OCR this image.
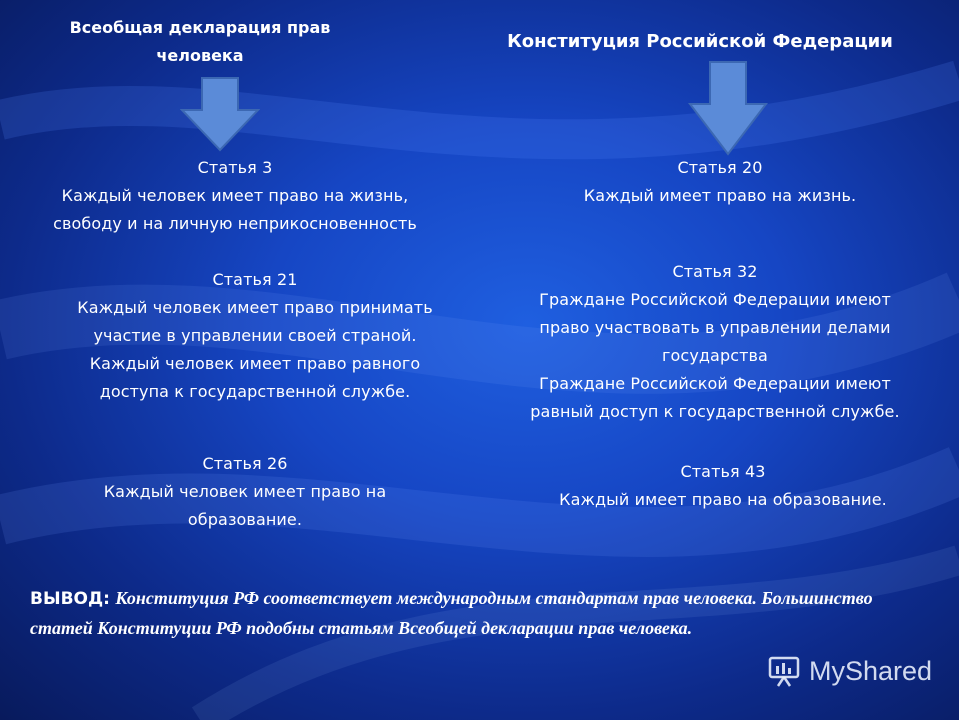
Всеобщая декларация прав человека
Конституция Российской Федерации
Статья 3
Каждый человек имеет право на жизнь,
свободу и на личную неприкосновенность
Статья 21
Каждый человек имеет право принимать
участие в управлении своей страной.
Каждый человек имеет право равного
доступа к государственной службе.
Статья 26
Каждый человек имеет право на
образование.
Статья 20
Каждый имеет право на жизнь.
Статья 32
Граждане Российской Федерации имеют
право участвовать в управлении делами
государства
Граждане Российской Федерации имеют
равный доступ к государственной службе.
Статья 43
Каждый имеет право на образование.
ВЫВОД: Конституция РФ соответствует международным стандартам прав человека. Большинство статей Конституции РФ подобны статьям Всеобщей декларации прав человека.
MyShared
